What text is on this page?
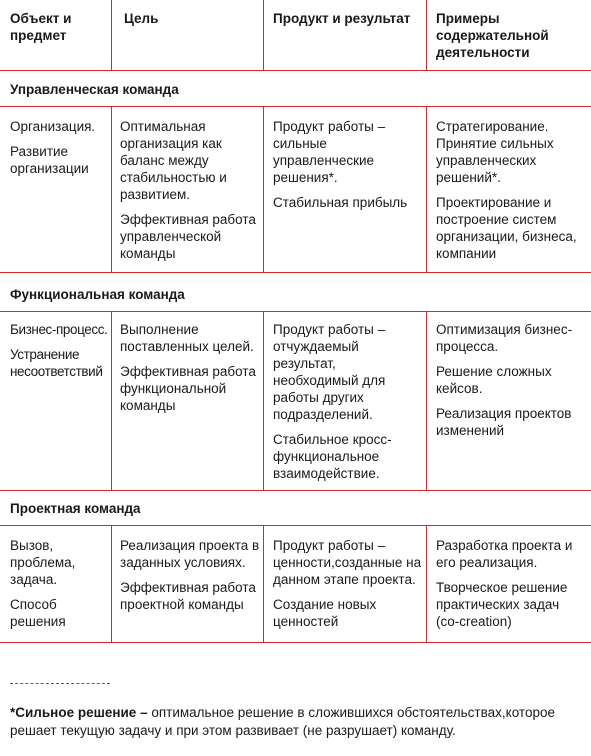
Объект и предмет
Цель	Продукт и результат	Примеры содержательной деятельности
Управленческая команда

Организация.

Развитие организации

Оптимальная организация как баланс между стабильностью и развитием.

Эффективная работа управленческой команды

Продукт работы – сильные управленческие решения*.

Стабильная прибыль

Стратегирование. Принятие сильных управленческих решений*.

Проектирование и построение систем организации, бизнеса, компании

Функциональная команда

Бизнес-процесс.

Устранение несоответствий

Выполнение поставленных целей.

Эффективная работа функциональной команды

Продукт работы – отчуждаемый результат, необходимый для работы других подразделений.

Стабильное кросс-функциональное взаимодействие.

Оптимизация бизнес-процесса.

Решение сложных кейсов.

Реализация проектов изменений

Проектная команда

Вызов, проблема, задача.

Способ решения

Реализация проекта в заданных условиях.

Эффективная работа проектной команды

Продукт работы – ценности,созданные на данном этапе проекта.

Создание новых ценностей

Разработка проекта и его реализация.

Творческое решение практических задач (co-creation)

*Сильное решение – оптимальное решение в сложившихся обстоятельствах,которое решает текущую задачу и при этом развивает (не разрушает) команду.
